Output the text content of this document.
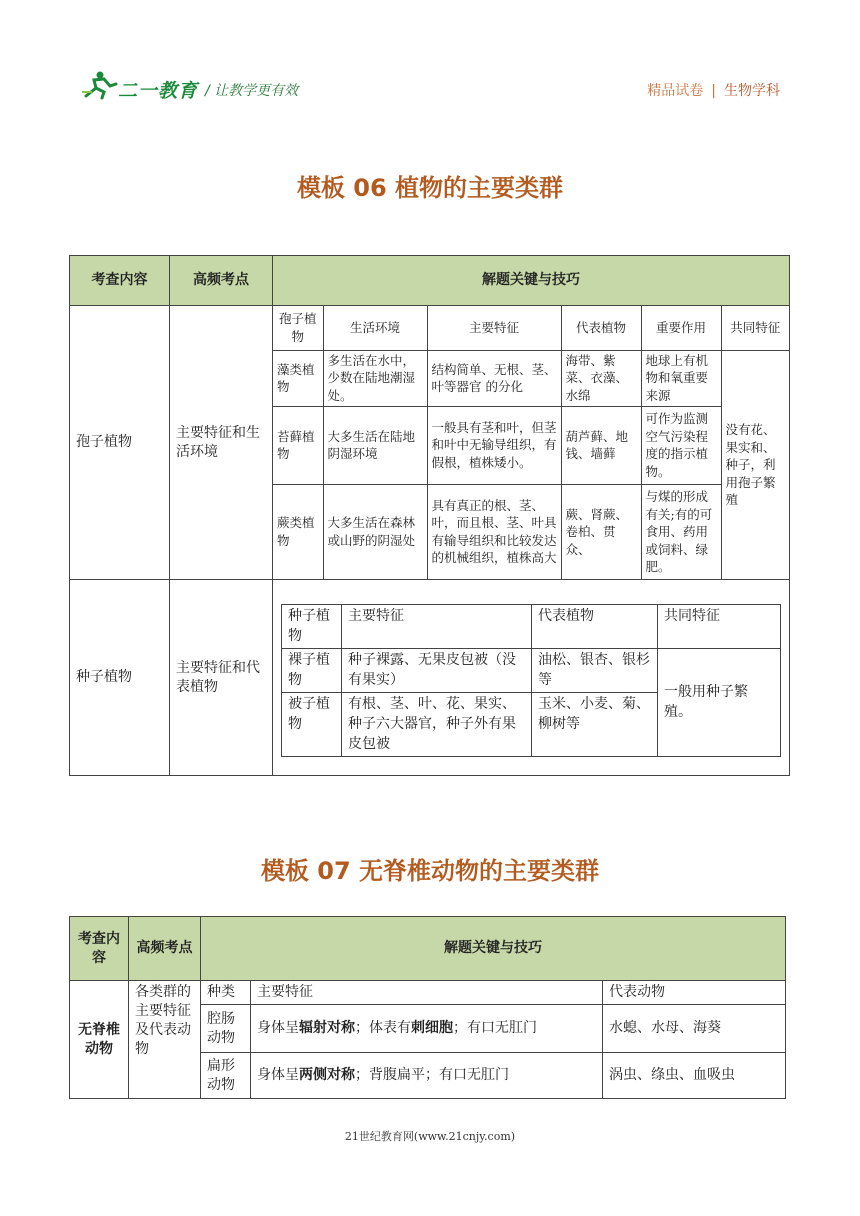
二一教育 / 让教学更有效	精品试卷 | 生物学科
模板 06 植物的主要类群
考查内容	高频考点	解题关键与技巧
孢子植物	主要特征和生活环境	
孢子植物	生活环境	主要特征	代表植物	重要作用	共同特征
藻类植物	多生活在水中，少数在陆地潮湿处。	结构简单、无根、茎、叶等器官 的分化	海带、紫菜、衣藻、水绵	地球上有机物和氧重要来源	没有花、果实和、种子，利用孢子繁殖
苔藓植物	大多生活在陆地阴湿环境	一般具有茎和叶，但茎和叶中无输导组织，有假根，植株矮小。	葫芦藓、地钱、墙藓	可作为监测空气污染程度的指示植物。
蕨类植物	大多生活在森林或山野的阴湿处	具有真正的根、茎、叶，而且根、茎、叶具有输导组织和比较发达的机械组织，植株高大	蕨、肾蕨、卷柏、贯众、	与煤的形成有关;有的可食用、药用或饲料、绿肥。

种子植物	主要特征和代表植物	
种子植物	主要特征	代表植物	共同特征
裸子植物	种子裸露、无果皮包被（没有果实）	油松、银杏、银杉等	一般用种子繁殖。
被子植物	有根、茎、叶、花、果实、种子六大器官，种子外有果皮包被	玉米、小麦、菊、柳树等
模板 07 无脊椎动物的主要类群
考查内容	高频考点	解题关键与技巧		
无脊椎动物	各类群的主要特征及代表动物	种类	主要特征	代表动物
		腔肠动物	身体呈辐射对称；体表有刺细胞；有口无肛门	水螅、水母、海葵
		扁形动物	身体呈两侧对称；背腹扁平；有口无肛门	涡虫、绦虫、血吸虫
21世纪教育网(www.21cnjy.com)
